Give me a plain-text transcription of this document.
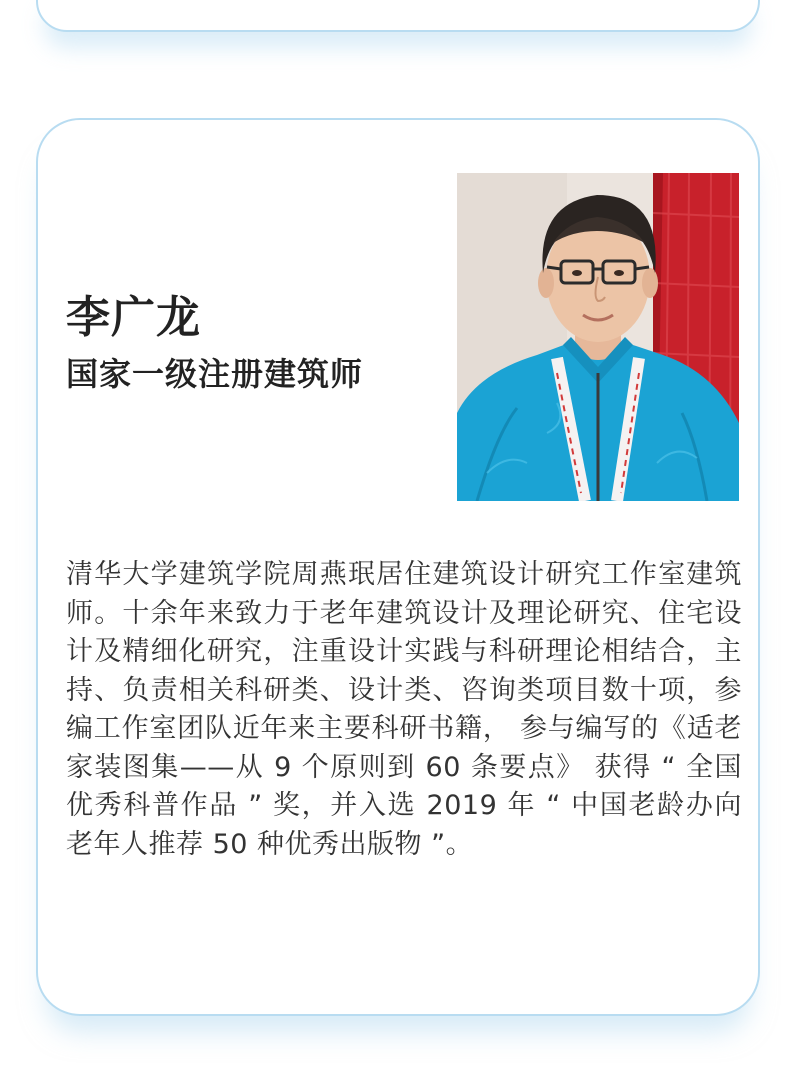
李广龙
国家一级注册建筑师

清华大学建筑学院周燕珉居住建筑设计研究工作室建筑师。十余年来致力于老年建筑设计及理论研究、住宅设计及精细化研究，注重设计实践与科研理论相结合，主持、负责相关科研类、设计类、咨询类项目数十项，参编工作室团队近年来主要科研书籍， 参与编写的《适老家装图集——从 9 个原则到 60 条要点》 获得 “ 全国优秀科普作品 ” 奖，并入选 2019 年 “ 中国老龄办向老年人推荐 50 种优秀出版物 ”。
